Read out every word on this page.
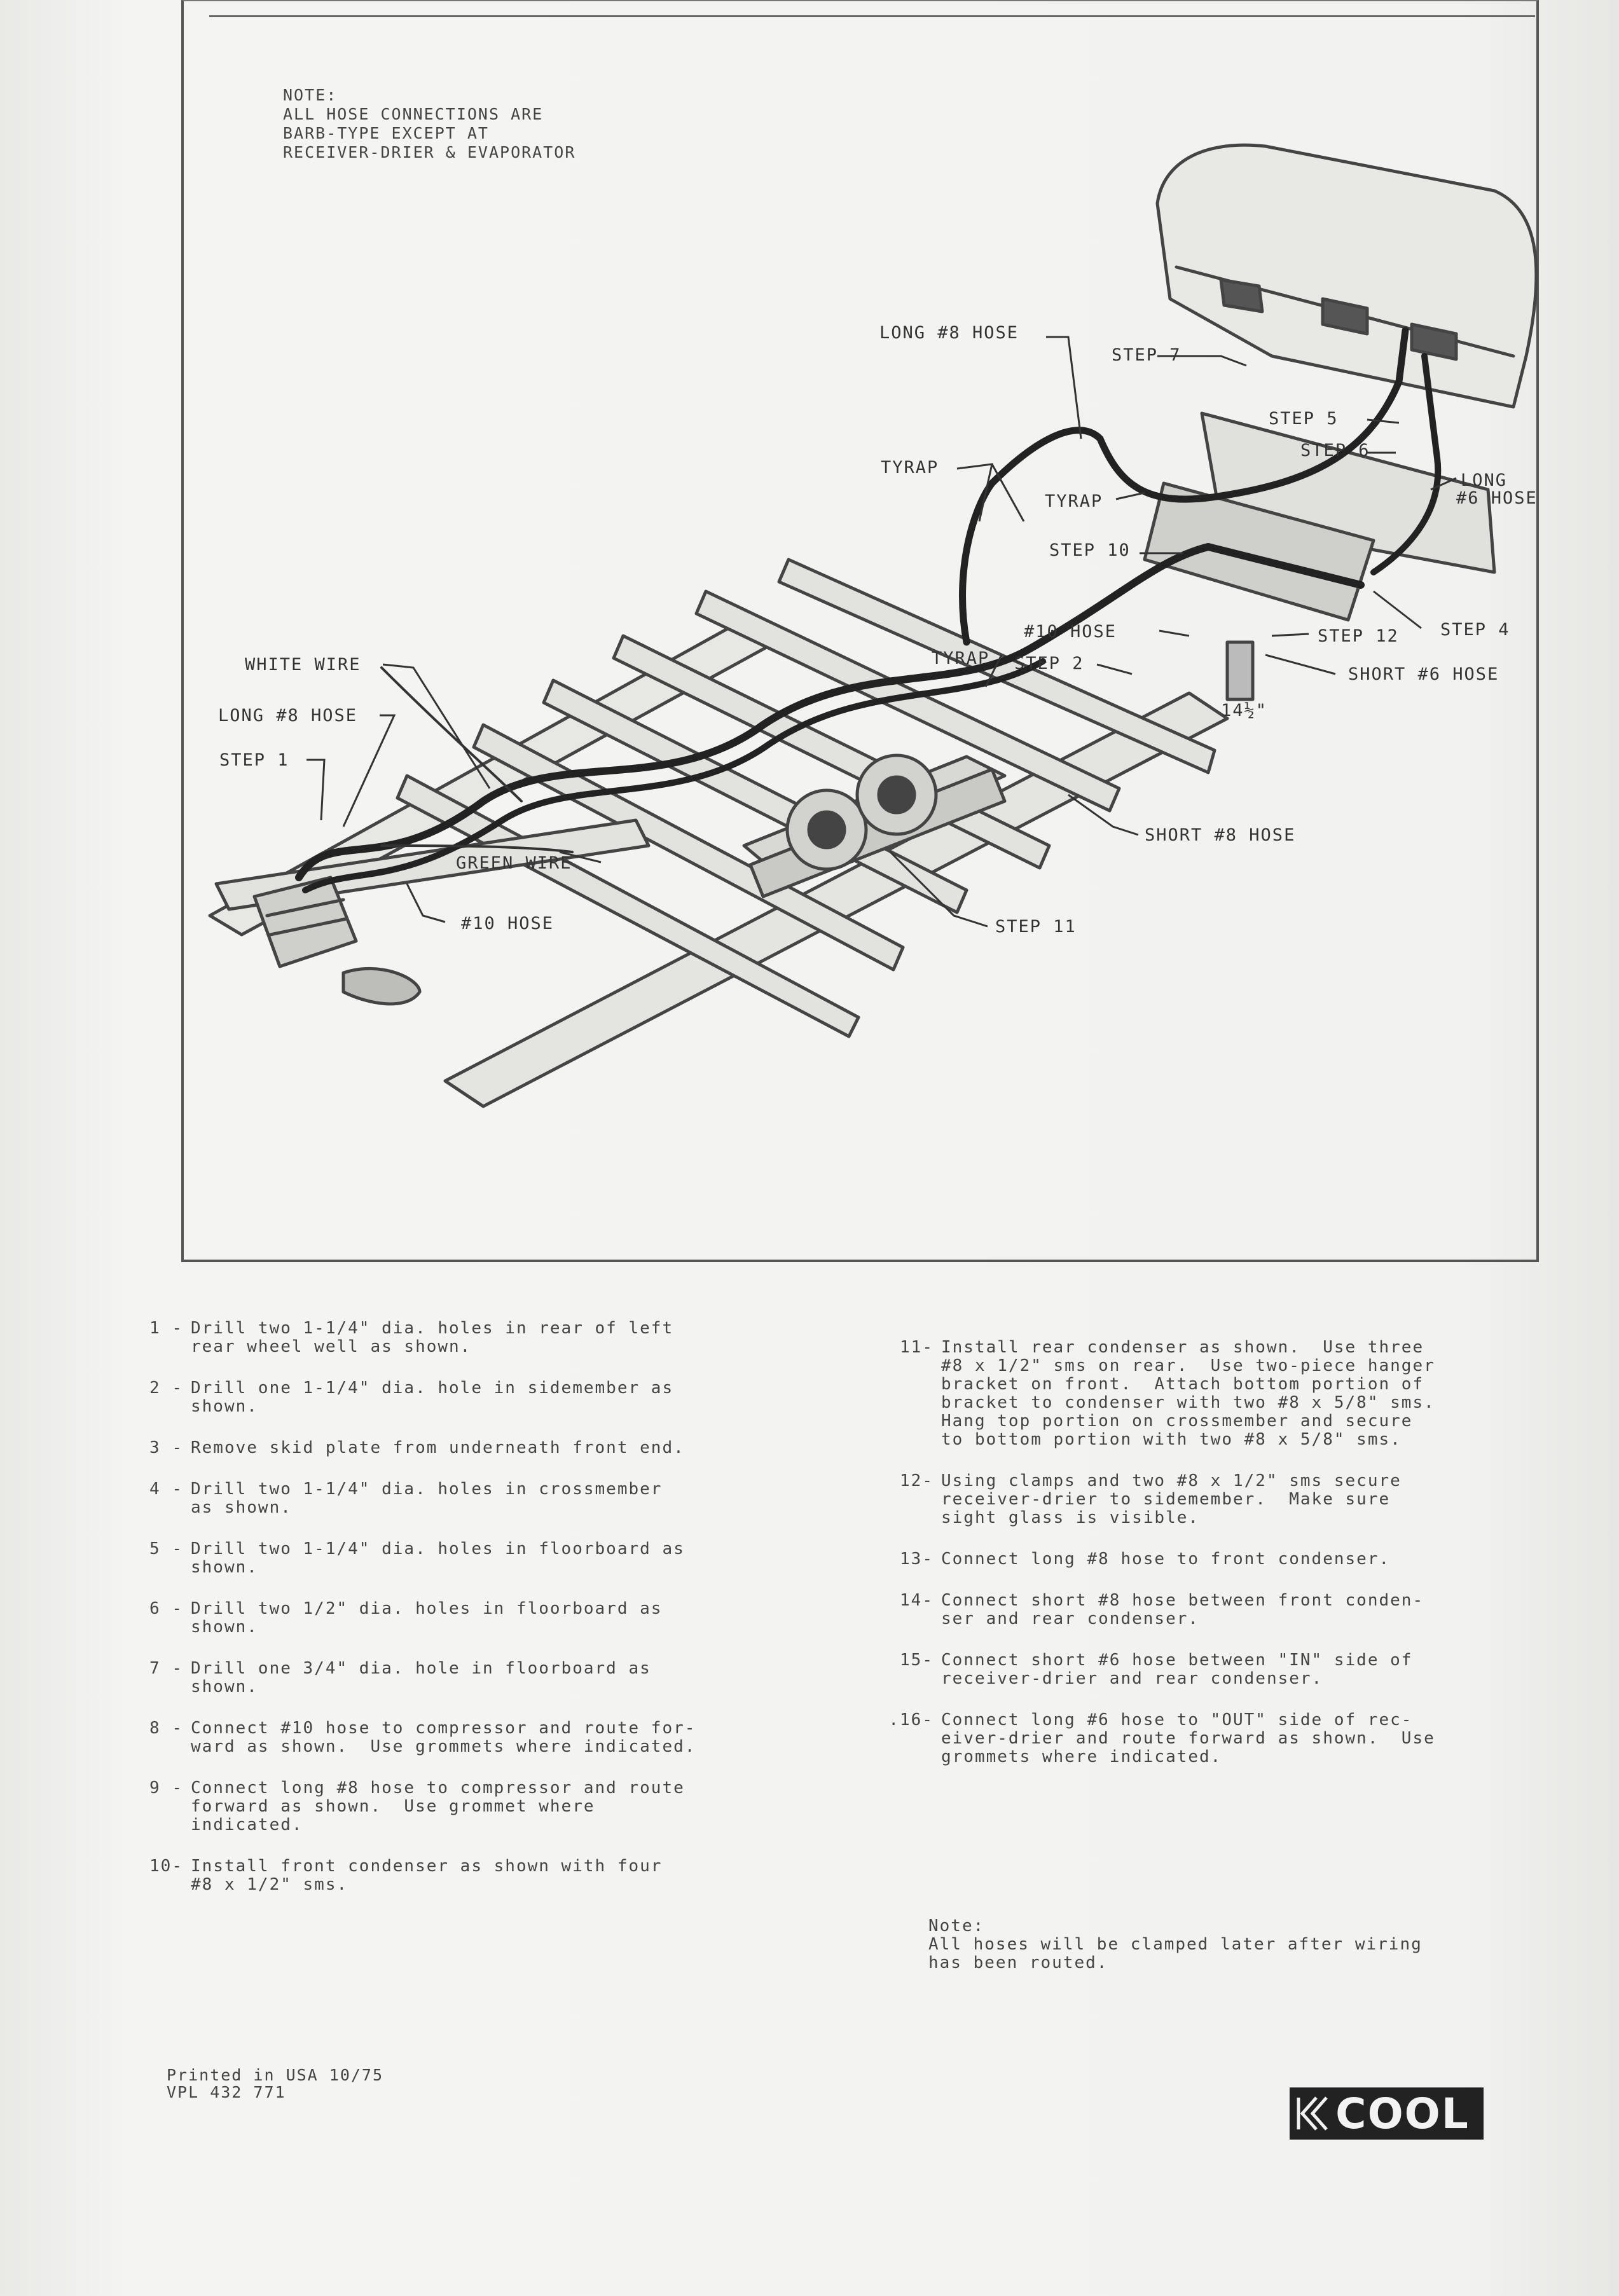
NOTE:
ALL HOSE CONNECTIONS ARE
BARB-TYPE EXCEPT AT
RECEIVER-DRIER & EVAPORATOR
LONG #8 HOSE
STEP 7
STEP 5
STEP 6
LONG
#6 HOSE
TYRAP
TYRAP
STEP 10
#10 HOSE
STEP 2
TYRAP
STEP 4
STEP 12
SHORT #6 HOSE
14½"
WHITE WIRE
LONG #8 HOSE
STEP 1
GREEN WIRE
#10 HOSE
SHORT #8 HOSE
STEP 11
1 - Drill two 1-1/4" dia. holes in rear of left
rear wheel well as shown.
2 - Drill one 1-1/4" dia. hole in sidemember as
shown.
3 - Remove skid plate from underneath front end.
4 - Drill two 1-1/4" dia. holes in crossmember
as shown.
5 - Drill two 1-1/4" dia. holes in floorboard as
shown.
6 - Drill two 1/2" dia. holes in floorboard as
shown.
7 - Drill one 3/4" dia. hole in floorboard as
shown.
8 - Connect #10 hose to compressor and route for-
ward as shown.  Use grommets where indicated.
9 - Connect long #8 hose to compressor and route
forward as shown.  Use grommet where
indicated.
10- Install front condenser as shown with four
#8 x 1/2" sms.
11- Install rear condenser as shown.  Use three
#8 x 1/2" sms on rear.  Use two-piece hanger
bracket on front.  Attach bottom portion of
bracket to condenser with two #8 x 5/8" sms.
Hang top portion on crossmember and secure
to bottom portion with two #8 x 5/8" sms.
12- Using clamps and two #8 x 1/2" sms secure
receiver-drier to sidemember.  Make sure
sight glass is visible.
13- Connect long #8 hose to front condenser.
14- Connect short #8 hose between front conden-
ser and rear condenser.
15- Connect short #6 hose between "IN" side of
receiver-drier and rear condenser.
.16- Connect long #6 hose to "OUT" side of rec-
eiver-drier and route forward as shown.  Use
grommets where indicated.
Note:
All hoses will be clamped later after wiring
has been routed.
Printed in USA 10/75
VPL 432 771	COOL
